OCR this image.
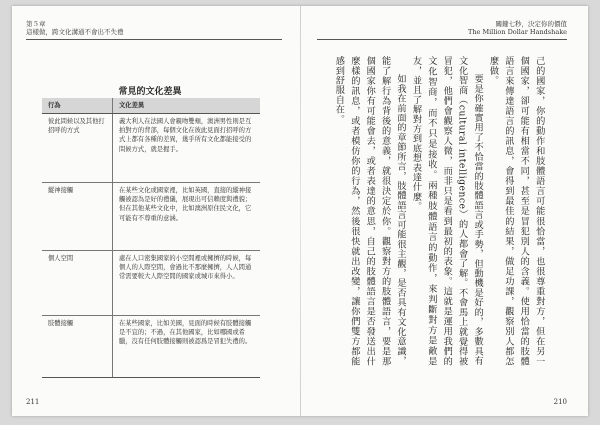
第５章
這樣做，跨文化溝通不會出不失禮
常見的文化差異
行為	文化差異
彼此問候以及其他打招呼的方式	義大利人在法國人會親吻雙頰，澳洲男性則是互拍對方的背部，每個文化在彼此見面打招呼的方式上都有各種的差異，幾乎所有文化都能接受的問候方式，就是握手。
縱神接觸	在某些文化或國家裡，比如英國，直接的縱神接觸被認為是好的禮儀，展現出可信賴度與禮貌；但在其他某些文化中，比如澳洲原住民文化，它可能有不尊重的意涵。
個人空間	處在人口密集國家的小空間裡或擁擠的時候，每個人的人際空間，會過比不那麼擁擠，人人間通常需要較大人際空間的國家或城市來得小。
肢體接觸	在某些國家，比如美國，見面的時候有肢體接觸是不宜的；不過，在其他國家，比如哪國或希臘，沒有任何肢體接觸則被認爲是冒犯失禮的。
211
關鍵七秒，決定你的價值
The Million Dollar Handshake

己的國家，你的動作和肢體語言可能很恰當，也很尊重對方，但在另一個國家，卻可能有相當不同，甚至是冒犯別人的含義。使用恰當的肢體語言來傳達語言的訊息，會得到最佳的結果，做足功課，觀察別人都怎麼做。

要是你確實用了不恰當的肢體語言或手勢，但動機是好的，多數具有文化智商（cultural intelligence）的人都會了解。不會馬上就覺得被冒犯，他們會觀察人微，而非只是看到最初的表象。這就是運用我們的文化智商，而不只是接收。兩種肢體語言的動作，來判斷對方是敵是友，並且了解對方到底想表達什麼。

如我在前面的章節所言，肢體語言可能很主觀，是否具有文化意識，能了解行為背後的意義，就很決定於你。觀察對方的肢體語言，要是那個國家你有可能會去，或者表達的意思，自己的肢體語言是否發送出什麼樣的訊息，或者模仿你的行為，然後很快就出改變，讓你們雙方都能感到舒服自在。

210
